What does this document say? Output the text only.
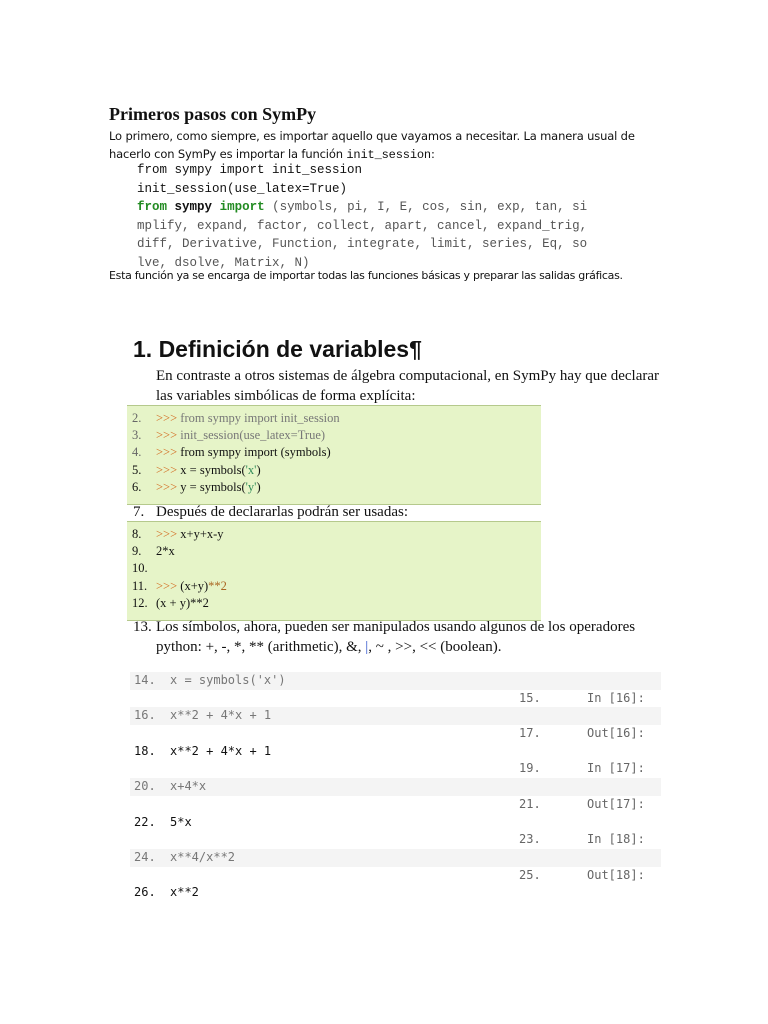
Primeros pasos con SymPy
Lo primero, como siempre, es importar aquello que vayamos a necesitar. La manera usual de hacerlo con SymPy es importar la función init_session:
from sympy import init_session
init_session(use_latex=True)
from sympy import (symbols, pi, I, E, cos, sin, exp, tan, si
mplify, expand, factor, collect, apart, cancel, expand_trig,
diff, Derivative, Function, integrate, limit, series, Eq, so
lve, dsolve, Matrix, N)
Esta función ya se encarga de importar todas las funciones básicas y preparar las salidas gráficas.
1. Definición de variables¶
En contraste a otros sistemas de álgebra computacional, en SymPy hay que declarar las variables simbólicas de forma explícita:
2. >>> from sympy import init_session
3. >>> init_session(use_latex=True)
4. >>> from sympy import (symbols)
5. >>> x = symbols('x')
6. >>> y = symbols('y')
7. Después de declararlas podrán ser usadas:
8. >>> x+y+x-y
9. 2*x
10.
11. >>> (x+y)**2
12. (x + y)**2
13. Los símbolos, ahora, pueden ser manipulados usando algunos de los operadores python: +, -, *, ** (arithmetic), &, |, ~ , >>, << (boolean).
14. x = symbols('x')
15.	In [16]:
16. x**2 + 4*x + 1
17.	Out[16]:
18. x**2 + 4*x + 1
19.	In [17]:
20. x+4*x
21.	Out[17]:
22. 5*x
23.	In [18]:
24. x**4/x**2
25.	Out[18]:
26. x**2
